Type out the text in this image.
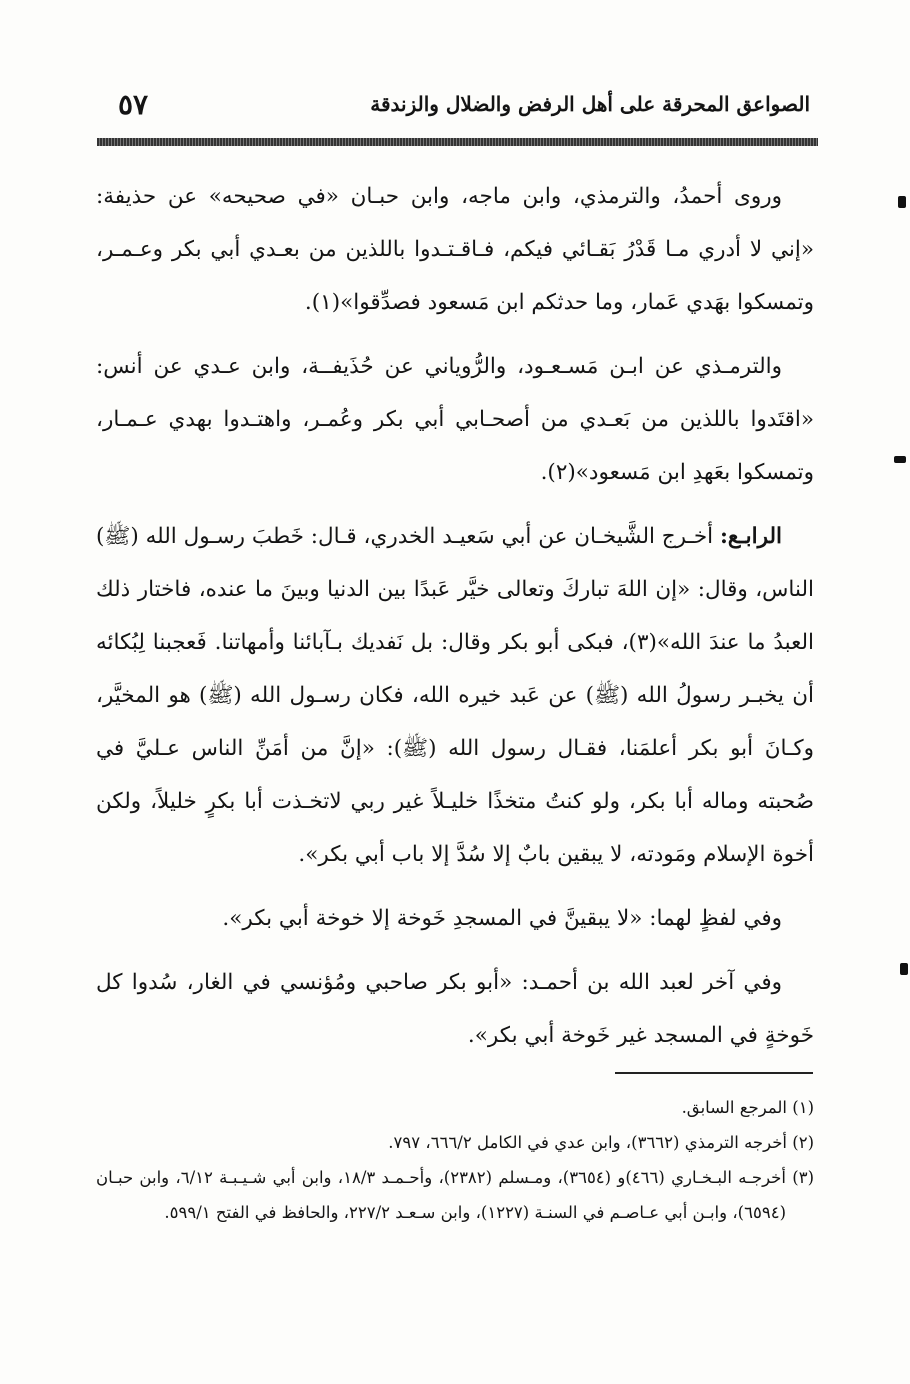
الصواعق المحرقة على أهل الرفض والضلال والزندقة
٥٧

وروى أحمدُ، والترمذي، وابن ماجه، وابن حبـان «في صحيحه» عن حذيفة: «إني لا أدري مـا قَدْرُ بَقـائي فيكم، فـاقـتـدوا باللذين من بعـدي أبي بكر وعـمـر، وتمسكوا بهَدي عَمار، وما حدثكم ابن مَسعود فصدِّقوا»(١).

والترمـذي عن ابـن مَسـعـود، والرُّوياني عن حُذَيفــة، وابن عـدي عن أنس: «اقتَدوا باللذين من بَعـدي من أصحـابي أبي بكر وعُمـر، واهتـدوا بهدي عـمـار، وتمسكوا بعَهدِ ابن مَسعود»(٢).

الرابـع: أخـرج الشَّيخـان عن أبي سَعيـد الخدري، قـال: خَطبَ رسـول الله (ﷺ) الناس، وقال: «إن اللهَ تباركَ وتعالى خيَّر عَبدًا بين الدنيا وبينَ ما عنده، فاختار ذلك العبدُ ما عندَ الله»(٣)، فبكى أبو بكر وقال: بل نَفديك بـآبائنا وأمهاتنا. فَعجبنا لِبُكائه أن يخبـر رسولُ الله (ﷺ) عن عَبد خيره الله، فكان رسـول الله (ﷺ) هو المخيَّر، وكـانَ أبو بكر أعلمَنا، فقـال رسول الله (ﷺ): «إنَّ من أمَنِّ الناس عـليَّ في صُحبته وماله أبا بكر، ولو كنتُ متخذًا خليـلاً غير ربي لاتخـذت أبا بكرٍ خليلاً، ولكن أخوة الإسلام ومَودته، لا يبقين بابٌ إلا سُدَّ إلا باب أبي بكر».

وفي لفظٍ لهما: «لا يبقينَّ في المسجدِ خَوخة إلا خوخة أبي بكر».

وفي آخر لعبد الله بن أحمـد: «أبو بكر صاحبي ومُؤنسي في الغار، سُدوا كل خَوخةٍ في المسجد غير خَوخة أبي بكر».

(١) المرجع السابق.

(٢) أخرجه الترمذي (٣٦٦٢)، وابن عدي في الكامل ٦٦٦/٢، ٧٩٧.

(٣) أخرجـه البـخـاري (٤٦٦)و (٣٦٥٤)، ومـسلم (٢٣٨٢)، وأحـمـد ١٨/٣، وابن أبي شـيـبـة ٦/١٢، وابن حبـان (٦٥٩٤)، وابـن أبي عـاصـم في السنـة (١٢٢٧)، وابن سـعـد ٢٢٧/٢، والحافظ في الفتح ٥٩٩/١.
